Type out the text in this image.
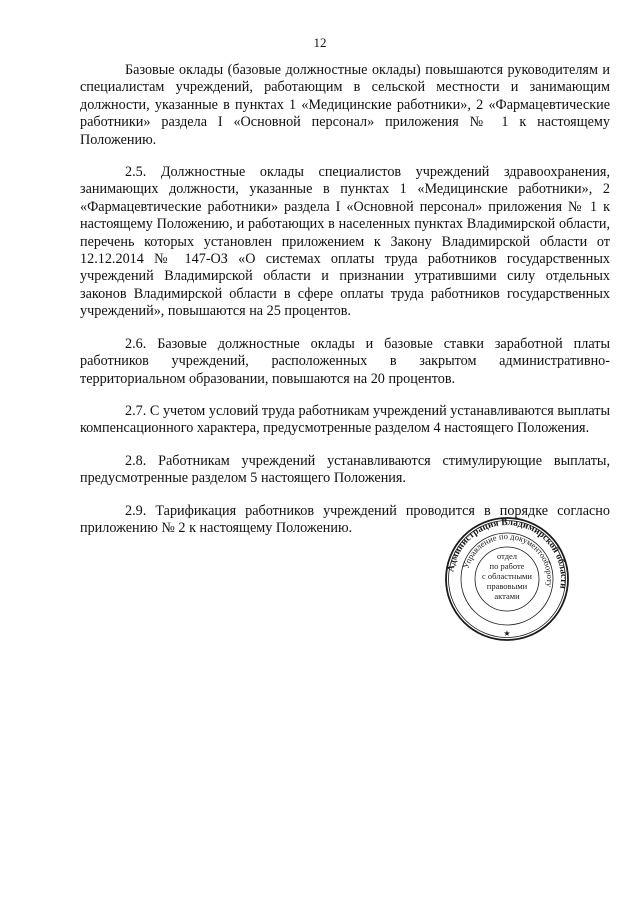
12

Базовые оклады (базовые должностные оклады) повышаются руководителям и специалистам учреждений, работающим в сельской местности и занимающим должности, указанные в пунктах 1 «Медицинские работники», 2 «Фармацевтические работники» раздела I «Основной персонал» приложения № 1 к настоящему Положению.

2.5. Должностные оклады специалистов учреждений здравоохранения, занимающих должности, указанные в пунктах 1 «Медицинские работники», 2 «Фармацевтические работники» раздела I «Основной персонал» приложения № 1 к настоящему Положению, и работающих в населенных пунктах Владимирской области, перечень которых установлен приложением к Закону Владимирской области от 12.12.2014 № 147-ОЗ «О системах оплаты труда работников государственных учреждений Владимирской области и признании утратившими силу отдельных законов Владимирской области в сфере оплаты труда работников государственных учреждений», повышаются на 25 процентов.

2.6. Базовые должностные оклады и базовые ставки заработной платы работников учреждений, расположенных в закрытом административно-территориальном образовании, повышаются на 20 процентов.

2.7. С учетом условий труда работникам учреждений устанавливаются выплаты компенсационного характера, предусмотренные разделом 4 настоящего Положения.

2.8. Работникам учреждений устанавливаются стимулирующие выплаты, предусмотренные разделом 5 настоящего Положения.

2.9. Тарификация работников учреждений проводится в порядке согласно приложению № 2 к настоящему Положению.

Администрация Владимирской области
Управление по документообороту
★
отдел
по работе
с областными
правовыми
актами
